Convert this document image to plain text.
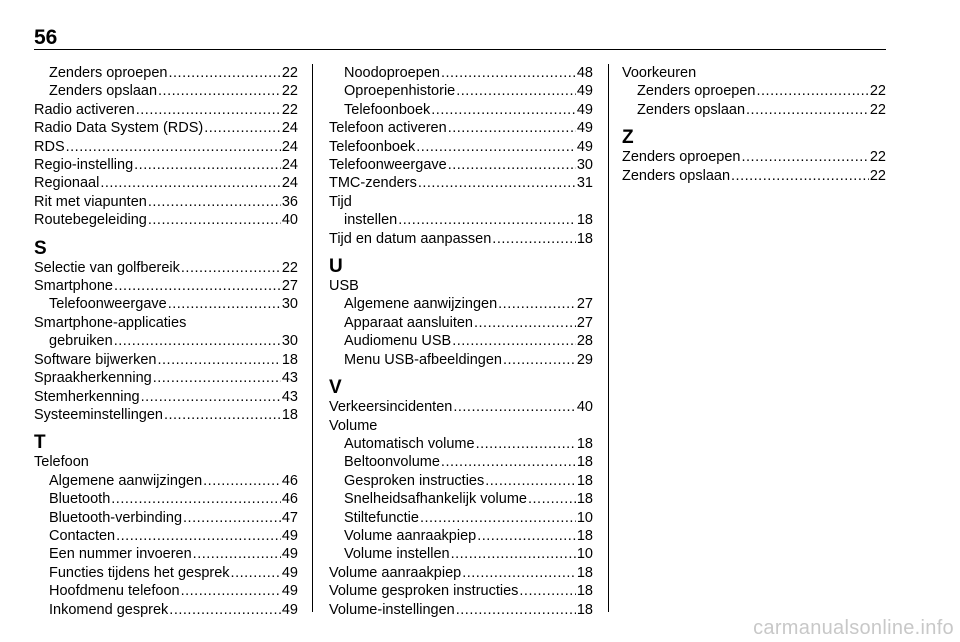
56
Zenders oproepen .....	22
Zenders opslaan .....	22
Radio activeren .....	22
Radio Data System (RDS) .....	24
RDS .....	24
Regio-instelling .....	24
Regionaal .....	24
Rit met viapunten .....	36
Routebegeleiding .....	40
S
Selectie van golfbereik .....	22
Smartphone .....	27
Telefoonweergave .....	30
Smartphone-applicaties
gebruiken .....	30
Software bijwerken .....	18
Spraakherkenning .....	43
Stemherkenning .....	43
Systeeminstellingen .....	18
T
Telefoon
Algemene aanwijzingen .....	46
Bluetooth .....	46
Bluetooth-verbinding .....	47
Contacten .....	49
Een nummer invoeren .....	49
Functies tijdens het gesprek .....	49
Hoofdmenu telefoon .....	49
Inkomend gesprek .....	49
Noodoproepen .....	48
Oproepenhistorie .....	49
Telefoonboek .....	49
Telefoon activeren .....	49
Telefoonboek .....	49
Telefoonweergave .....	30
TMC-zenders .....	31
Tijd
instellen .....	18
Tijd en datum aanpassen .....	18
U
USB
Algemene aanwijzingen .....	27
Apparaat aansluiten .....	27
Audiomenu USB .....	28
Menu USB-afbeeldingen .....	29
V
Verkeersincidenten .....	40
Volume
Automatisch volume .....	18
Beltoonvolume .....	18
Gesproken instructies .....	18
Snelheidsafhankelijk volume .....	18
Stiltefunctie .....	10
Volume aanraakpiep .....	18
Volume instellen .....	10
Volume aanraakpiep .....	18
Volume gesproken instructies .....	18
Volume-instellingen .....	18
Voorkeuren
Zenders oproepen .....	22
Zenders opslaan .....	22
Z
Zenders oproepen .....	22
Zenders opslaan .....	22
carmanualsonline.info
